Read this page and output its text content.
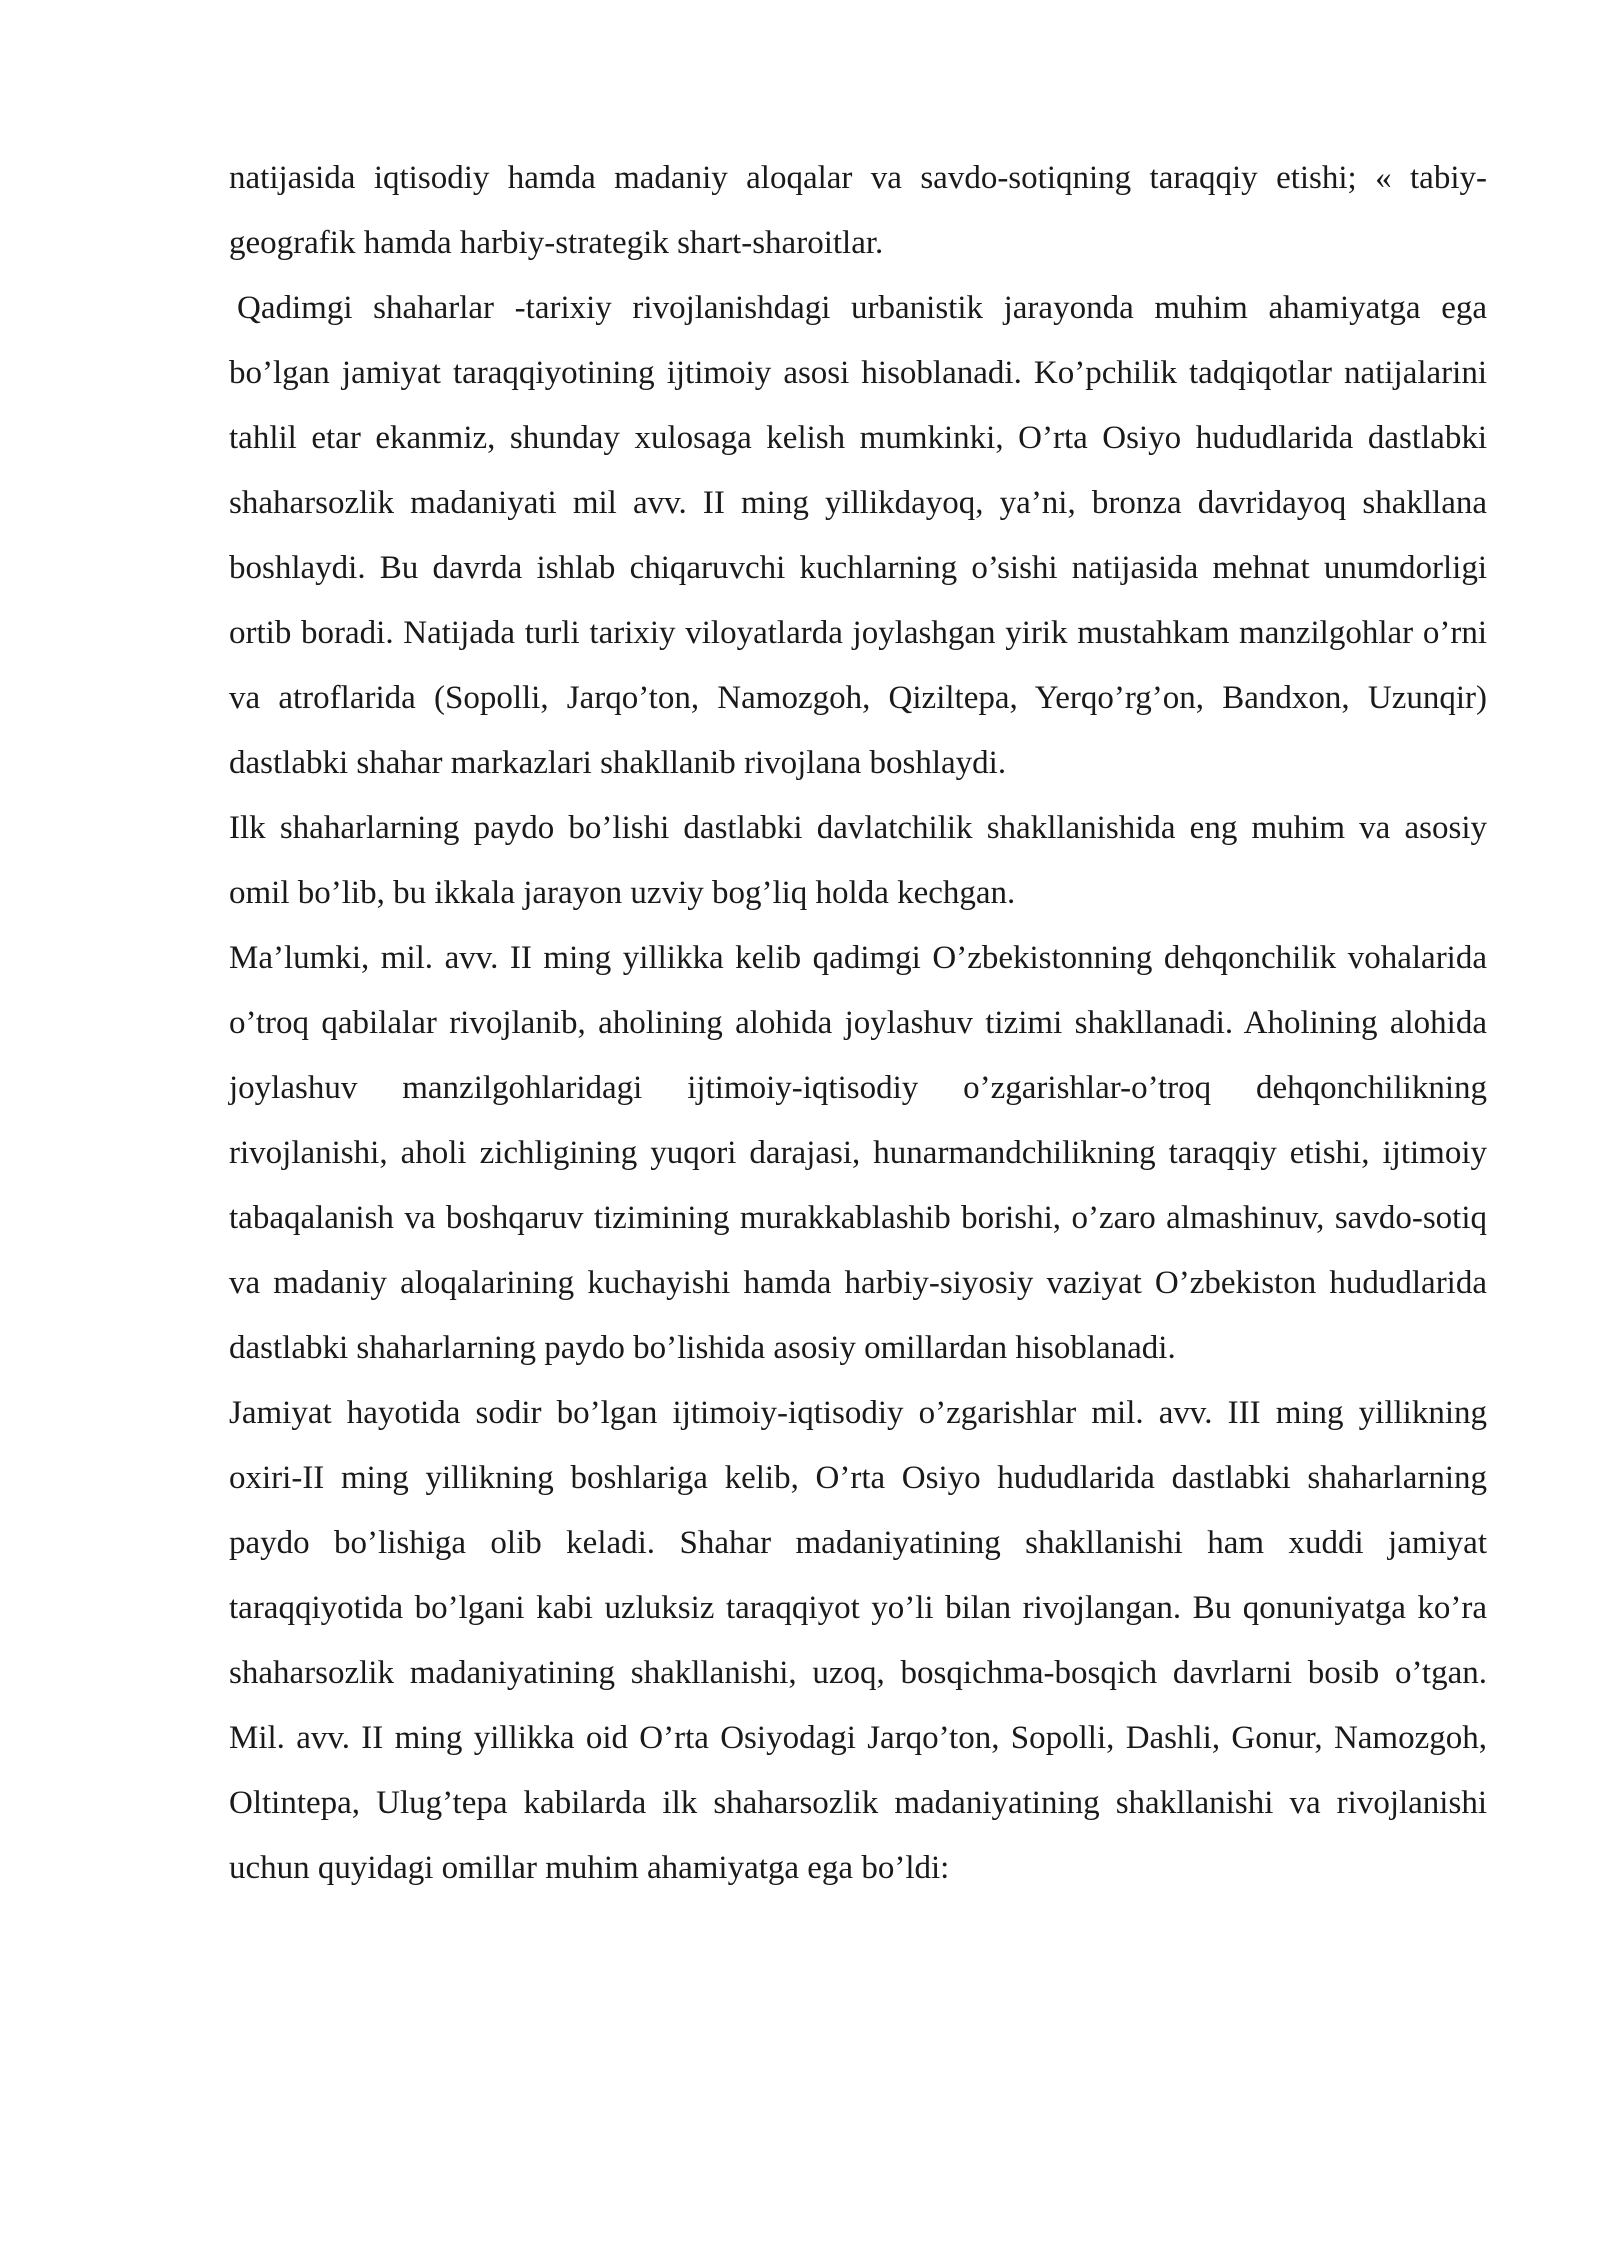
natijasida iqtisodiy hamda madaniy aloqalar va savdo-sotiqning taraqqiy etishi; « tabiy-geografik hamda harbiy-strategik shart-sharoitlar.

Qadimgi shaharlar -tarixiy rivojlanishdagi urbanistik jarayonda muhim ahamiyatga ega bo’lgan jamiyat taraqqiyotining ijtimoiy asosi hisoblanadi. Ko’pchilik tadqiqotlar natijalarini tahlil etar ekanmiz, shunday xulosaga kelish mumkinki, O’rta Osiyo hududlarida dastlabki shaharsozlik madaniyati mil avv. II ming yillikdayoq, ya’ni, bronza davridayoq shakllana boshlaydi. Bu davrda ishlab chiqaruvchi kuchlarning o’sishi natijasida mehnat unumdorligi ortib boradi. Natijada turli tarixiy viloyatlarda joylashgan yirik mustahkam manzilgohlar o’rni va atroflarida (Sopolli, Jarqo’ton, Namozgoh, Qiziltepa, Yerqo’rg’on, Bandxon, Uzunqir) dastlabki shahar markazlari shakllanib rivojlana boshlaydi.

Ilk shaharlarning paydo bo’lishi dastlabki davlatchilik shakllanishida eng muhim va asosiy omil bo’lib, bu ikkala jarayon uzviy bog’liq holda kechgan.

Ma’lumki, mil. avv. II ming yillikka kelib qadimgi O’zbekistonning dehqonchilik vohalarida o’troq qabilalar rivojlanib, aholining alohida joylashuv tizimi shakllanadi. Aholining alohida joylashuv manzilgohlaridagi ijtimoiy-iqtisodiy o’zgarishlar-o’troq dehqonchilikning rivojlanishi, aholi zichligining yuqori darajasi, hunarmandchilikning taraqqiy etishi, ijtimoiy tabaqalanish va boshqaruv tizimining murakkablashib borishi, o’zaro almashinuv, savdo-sotiq va madaniy aloqalarining kuchayishi hamda harbiy-siyosiy vaziyat O’zbekiston hududlarida dastlabki shaharlarning paydo bo’lishida asosiy omillardan hisoblanadi.

Jamiyat hayotida sodir bo’lgan ijtimoiy-iqtisodiy o’zgarishlar mil. avv. III ming yillikning oxiri-II ming yillikning boshlariga kelib, O’rta Osiyo hududlarida dastlabki shaharlarning paydo bo’lishiga olib keladi. Shahar madaniyatining shakllanishi ham xuddi jamiyat taraqqiyotida bo’lgani kabi uzluksiz taraqqiyot yo’li bilan rivojlangan. Bu qonuniyatga ko’ra shaharsozlik madaniyatining shakllanishi, uzoq, bosqichma-bosqich davrlarni bosib o’tgan. Mil. avv. II ming yillikka oid O’rta Osiyodagi Jarqo’ton, Sopolli, Dashli, Gonur, Namozgoh, Oltintepa, Ulug’tepa kabilarda ilk shaharsozlik madaniyatining shakllanishi va rivojlanishi uchun quyidagi omillar muhim ahamiyatga ega bo’ldi:
